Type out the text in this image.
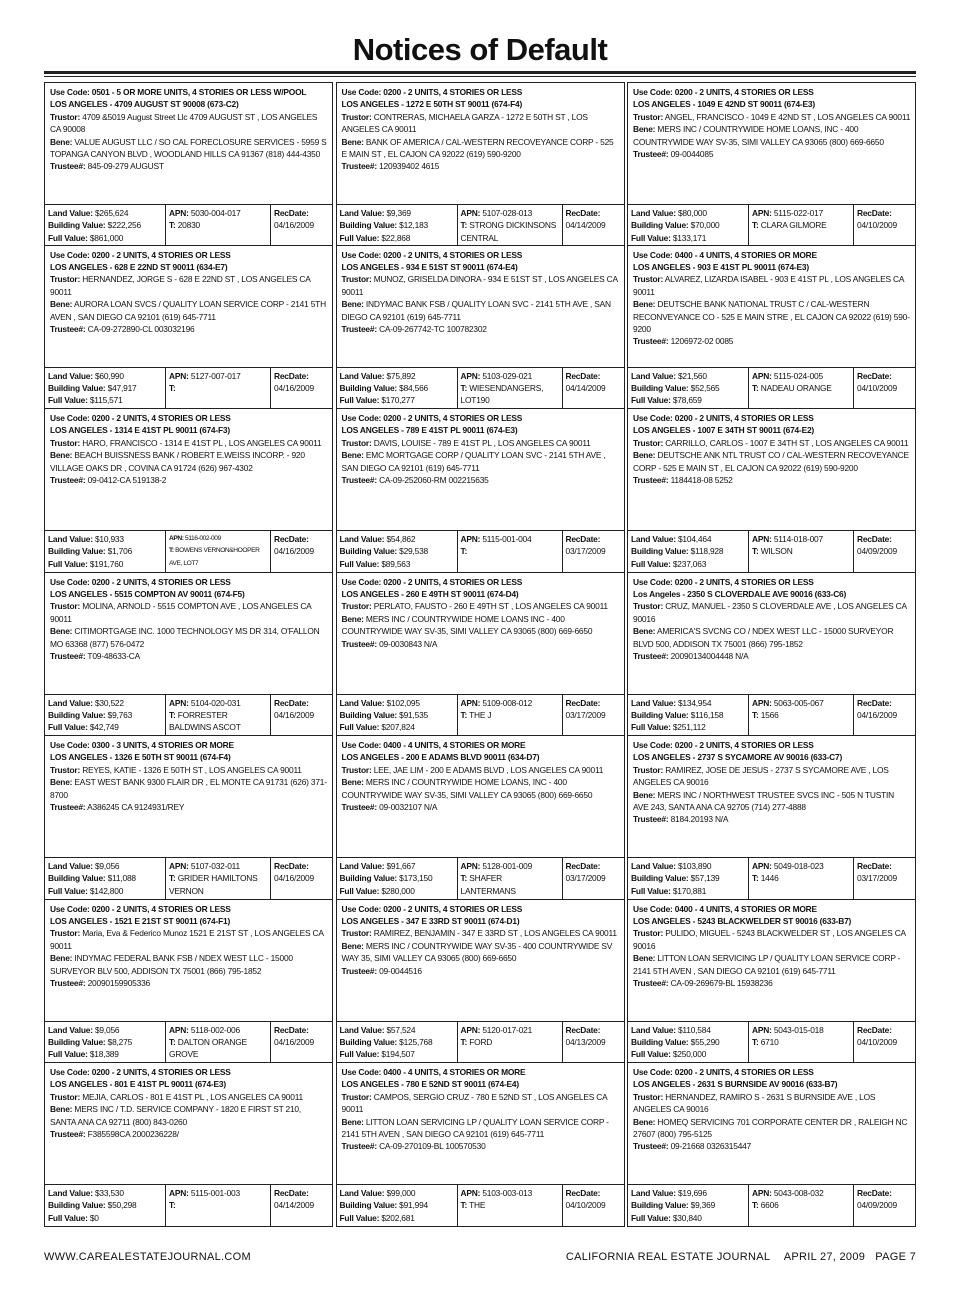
Notices of Default
Use Code: 0501 - 5 OR MORE UNITS, 4 STORIES OR LESS W/POOL
LOS ANGELES - 4709 AUGUST ST 90008 (673-C2)
Trustor: 4709 &5019 August Street Llc 4709 AUGUST ST , LOS ANGELES CA 90008
Bene: VALUE AUGUST LLC / SO CAL FORECLOSURE SERVICES - 5959 S TOPANGA CANYON BLVD , WOODLAND HILLS CA 91367 (818) 444-4350
Trustee#: 845-09-279 AUGUST
Land Value: $265,624
Building Value: $222,256
Full Value: $861,000
APN: 5030-004-017
T: 20830
RecDate:
04/16/2009
Use Code: 0200 - 2 UNITS, 4 STORIES OR LESS
LOS ANGELES - 628 E 22ND ST 90011 (634-E7)
Trustor: HERNANDEZ, JORGE S - 628 E 22ND ST , LOS ANGELES CA 90011
Bene: AURORA LOAN SVCS / QUALITY LOAN SERVICE CORP - 2141 5TH AVEN , SAN DIEGO CA 92101 (619) 645-7711
Trustee#: CA-09-272890-CL 003032196
Land Value: $60,990
Building Value: $47,917
Full Value: $115,571
APN: 5127-007-017
T:
RecDate:
04/16/2009
Use Code: 0200 - 2 UNITS, 4 STORIES OR LESS
LOS ANGELES - 1314 E 41ST PL 90011 (674-F3)
Trustor: HARO, FRANCISCO - 1314 E 41ST PL , LOS ANGELES CA 90011
Bene: BEACH BUISSNESS BANK / ROBERT E.WEISS INCORP. - 920 VILLAGE OAKS DR , COVINA CA 91724 (626) 967-4302
Trustee#: 09-0412-CA 519138-2
Land Value: $10,933
Building Value: $1,706
Full Value: $191,760
APN: 5116-002-009
T: BOWENS VERNON&HOOPER AVE, LOT7
RecDate:
04/16/2009
Use Code: 0200 - 2 UNITS, 4 STORIES OR LESS
LOS ANGELES - 5515 COMPTON AV 90011 (674-F5)
Trustor: MOLINA, ARNOLD - 5515 COMPTON AVE , LOS ANGELES CA 90011
Bene: CITIMORTGAGE INC. 1000 TECHNOLOGY MS DR 314, O'FALLON MO 63368 (877) 576-0472
Trustee#: T09-48633-CA
Land Value: $30,522
Building Value: $9,763
Full Value: $42,749
APN: 5104-020-031
T: FORRESTER BALDWINS ASCOT
RecDate:
04/16/2009
Use Code: 0300 - 3 UNITS, 4 STORIES OR MORE
LOS ANGELES - 1326 E 50TH ST 90011 (674-F4)
Trustor: REYES, KATIE - 1326 E 50TH ST , LOS ANGELES CA 90011
Bene: EAST WEST BANK 9300 FLAIR DR , EL MONTE CA 91731 (626) 371-8700
Trustee#: A386245 CA 9124931/REY
Land Value: $9,056
Building Value: $11,088
Full Value: $142,800
APN: 5107-032-011
T: GRIDER HAMILTONS VERNON
RecDate:
04/16/2009
Use Code: 0200 - 2 UNITS, 4 STORIES OR LESS
LOS ANGELES - 1521 E 21ST ST 90011 (674-F1)
Trustor: Maria, Eva & Federico Munoz 1521 E 21ST ST , LOS ANGELES CA 90011
Bene: INDYMAC FEDERAL BANK FSB / NDEX WEST LLC - 15000 SURVEYOR BLV 500, ADDISON TX 75001 (866) 795-1852
Trustee#: 20090159905336
Land Value: $9,056
Building Value: $8,275
Full Value: $18,389
APN: 5118-002-006
T: DALTON ORANGE GROVE
RecDate:
04/16/2009
Use Code: 0200 - 2 UNITS, 4 STORIES OR LESS
LOS ANGELES - 801 E 41ST PL 90011 (674-E3)
Trustor: MEJIA, CARLOS - 801 E 41ST PL , LOS ANGELES CA 90011
Bene: MERS INC / T.D. SERVICE COMPANY - 1820 E FIRST ST 210, SANTA ANA CA 92711 (800) 843-0260
Trustee#: F385598CA 2000236228/
Land Value: $33,530
Building Value: $50,298
Full Value: $0
APN: 5115-001-003
T:
RecDate:
04/14/2009
Use Code: 0200 - 2 UNITS, 4 STORIES OR LESS
LOS ANGELES - 1272 E 50TH ST 90011 (674-F4)
Trustor: CONTRERAS, MICHAELA GARZA - 1272 E 50TH ST , LOS ANGELES CA 90011
Bene: BANK OF AMERICA / CAL-WESTERN RECOVEYANCE CORP - 525 E MAIN ST , EL CAJON CA 92022 (619) 590-9200
Trustee#: 120939402 4615
Land Value: $9,369
Building Value: $12,183
Full Value: $22,868
APN: 5107-028-013
T: STRONG DICKINSONS CENTRAL
RecDate:
04/14/2009
Use Code: 0200 - 2 UNITS, 4 STORIES OR LESS
LOS ANGELES - 934 E 51ST ST 90011 (674-E4)
Trustor: MUNOZ, GRISELDA DINORA - 934 E 51ST ST , LOS ANGELES CA 90011
Bene: INDYMAC BANK FSB / QUALITY LOAN SVC - 2141 5TH AVE , SAN DIEGO CA 92101 (619) 645-7711
Trustee#: CA-09-267742-TC 100782302
Land Value: $75,892
Building Value: $84,566
Full Value: $170,277
APN: 5103-029-021
T: WIESENDANGERS, LOT190
RecDate:
04/14/2009
Use Code: 0200 - 2 UNITS, 4 STORIES OR LESS
LOS ANGELES - 789 E 41ST PL 90011 (674-E3)
Trustor: DAVIS, LOUISE - 789 E 41ST PL , LOS ANGELES CA 90011
Bene: EMC MORTGAGE CORP / QUALITY LOAN SVC - 2141 5TH AVE , SAN DIEGO CA 92101 (619) 645-7711
Trustee#: CA-09-252060-RM 002215635
Land Value: $54,862
Building Value: $29,538
Full Value: $89,563
APN: 5115-001-004
T:
RecDate:
03/17/2009
Use Code: 0200 - 2 UNITS, 4 STORIES OR LESS
LOS ANGELES - 260 E 49TH ST 90011 (674-D4)
Trustor: PERLATO, FAUSTO - 260 E 49TH ST , LOS ANGELES CA 90011
Bene: MERS INC / COUNTRYWIDE HOME LOANS INC - 400 COUNTRYWIDE WAY SV-35, SIMI VALLEY CA 93065 (800) 669-6650
Trustee#: 09-0030843 N/A
Land Value: $102,095
Building Value: $91,535
Full Value: $207,824
APN: 5109-008-012
T: THE J
RecDate:
03/17/2009
Use Code: 0400 - 4 UNITS, 4 STORIES OR MORE
LOS ANGELES - 200 E ADAMS BLVD 90011 (634-D7)
Trustor: LEE, JAE LIM - 200 E ADAMS BLVD , LOS ANGELES CA 90011
Bene: MERS INC / COUNTRYWIDE HOME LOANS, INC - 400 COUNTRYWIDE WAY SV-35, SIMI VALLEY CA 93065 (800) 669-6650
Trustee#: 09-0032107 N/A
Land Value: $91,667
Building Value: $173,150
Full Value: $280,000
APN: 5128-001-009
T: SHAFER LANTERMANS
RecDate:
03/17/2009
Use Code: 0200 - 2 UNITS, 4 STORIES OR LESS
LOS ANGELES - 347 E 33RD ST 90011 (674-D1)
Trustor: RAMIREZ, BENJAMIN - 347 E 33RD ST , LOS ANGELES CA 90011
Bene: MERS INC / COUNTRYWIDE WAY SV-35 - 400 COUNTRYWIDE SV WAY 35, SIMI VALLEY CA 93065 (800) 669-6650
Trustee#: 09-0044516
Land Value: $57,524
Building Value: $125,768
Full Value: $194,507
APN: 5120-017-021
T: FORD
RecDate:
04/13/2009
Use Code: 0400 - 4 UNITS, 4 STORIES OR MORE
LOS ANGELES - 780 E 52ND ST 90011 (674-E4)
Trustor: CAMPOS, SERGIO CRUZ - 780 E 52ND ST , LOS ANGELES CA 90011
Bene: LITTON LOAN SERVICING LP / QUALITY LOAN SERVICE CORP - 2141 5TH AVEN , SAN DIEGO CA 92101 (619) 645-7711
Trustee#: CA-09-270109-BL 100570530
Land Value: $99,000
Building Value: $91,994
Full Value: $202,681
APN: 5103-003-013
T: THE
RecDate:
04/10/2009
Use Code: 0200 - 2 UNITS, 4 STORIES OR LESS
LOS ANGELES - 1049 E 42ND ST 90011 (674-E3)
Trustor: ANGEL, FRANCISCO - 1049 E 42ND ST , LOS ANGELES CA 90011
Bene: MERS INC / COUNTRYWIDE HOME LOANS, INC - 400 COUNTRYWIDE WAY SV-35, SIMI VALLEY CA 93065 (800) 669-6650
Trustee#: 09-0044085
Land Value: $80,000
Building Value: $70,000
Full Value: $133,171
APN: 5115-022-017
T: CLARA GILMORE
RecDate:
04/10/2009
Use Code: 0400 - 4 UNITS, 4 STORIES OR MORE
LOS ANGELES - 903 E 41ST PL 90011 (674-E3)
Trustor: ALVAREZ, LIZARDA ISABEL - 903 E 41ST PL , LOS ANGELES CA 90011
Bene: DEUTSCHE BANK NATIONAL TRUST C / CAL-WESTERN RECONVEYANCE CO - 525 E MAIN STRE , EL CAJON CA 92022 (619) 590-9200
Trustee#: 1206972-02 0085
Land Value: $21,560
Building Value: $52,565
Full Value: $78,659
APN: 5115-024-005
T: NADEAU ORANGE
RecDate:
04/10/2009
Use Code: 0200 - 2 UNITS, 4 STORIES OR LESS
LOS ANGELES - 1007 E 34TH ST 90011 (674-E2)
Trustor: CARRILLO, CARLOS - 1007 E 34TH ST , LOS ANGELES CA 90011
Bene: DEUTSCHE ANK NTL TRUST CO / CAL-WESTERN RECOVEYANCE CORP - 525 E MAIN ST , EL CAJON CA 92022 (619) 590-9200
Trustee#: 1184418-08 5252
Land Value: $104,464
Building Value: $118,928
Full Value: $237,063
APN: 5114-018-007
T: WILSON
RecDate:
04/09/2009
Use Code: 0200 - 2 UNITS, 4 STORIES OR LESS
Los Angeles - 2350 S CLOVERDALE AVE 90016 (633-C6)
Trustor: CRUZ, MANUEL - 2350 S CLOVERDALE AVE , LOS ANGELES CA 90016
Bene: AMERICA'S SVCNG CO / NDEX WEST LLC - 15000 SURVEYOR BLVD 500, ADDISON TX 75001 (866) 795-1852
Trustee#: 20090134004448 N/A
Land Value: $134,954
Building Value: $116,158
Full Value: $251,112
APN: 5063-005-067
T: 1566
RecDate:
04/16/2009
Use Code: 0200 - 2 UNITS, 4 STORIES OR LESS
LOS ANGELES - 2737 S SYCAMORE AV 90016 (633-C7)
Trustor: RAMIREZ, JOSE DE JESUS - 2737 S SYCAMORE AVE , LOS ANGELES CA 90016
Bene: MERS INC / NORTHWEST TRUSTEE SVCS INC - 505 N TUSTIN AVE 243, SANTA ANA CA 92705 (714) 277-4888
Trustee#: 8184.20193 N/A
Land Value: $103,890
Building Value: $57,139
Full Value: $170,881
APN: 5049-018-023
T: 1446
RecDate:
03/17/2009
Use Code: 0400 - 4 UNITS, 4 STORIES OR MORE
LOS ANGELES - 5243 BLACKWELDER ST 90016 (633-B7)
Trustor: PULIDO, MIGUEL - 5243 BLACKWELDER ST , LOS ANGELES CA 90016
Bene: LITTON LOAN SERVICING LP / QUALITY LOAN SERVICE CORP - 2141 5TH AVEN , SAN DIEGO CA 92101 (619) 645-7711
Trustee#: CA-09-269679-BL 15938236
Land Value: $110,584
Building Value: $55,290
Full Value: $250,000
APN: 5043-015-018
T: 6710
RecDate:
04/10/2009
Use Code: 0200 - 2 UNITS, 4 STORIES OR LESS
LOS ANGELES - 2631 S BURNSIDE AV 90016 (633-B7)
Trustor: HERNANDEZ, RAMIRO S - 2631 S BURNSIDE AVE , LOS ANGELES CA 90016
Bene: HOMEQ SERVICING 701 CORPORATE CENTER DR , RALEIGH NC 27607 (800) 795-5125
Trustee#: 09-21668 0326315447
Land Value: $19,696
Building Value: $9,369
Full Value: $30,840
APN: 5043-008-032
T: 6606
RecDate:
04/09/2009
WWW.CAREALESTATEJOURNAL.COM	CALIFORNIA REAL ESTATE JOURNAL APRIL 27, 2009 PAGE 7
